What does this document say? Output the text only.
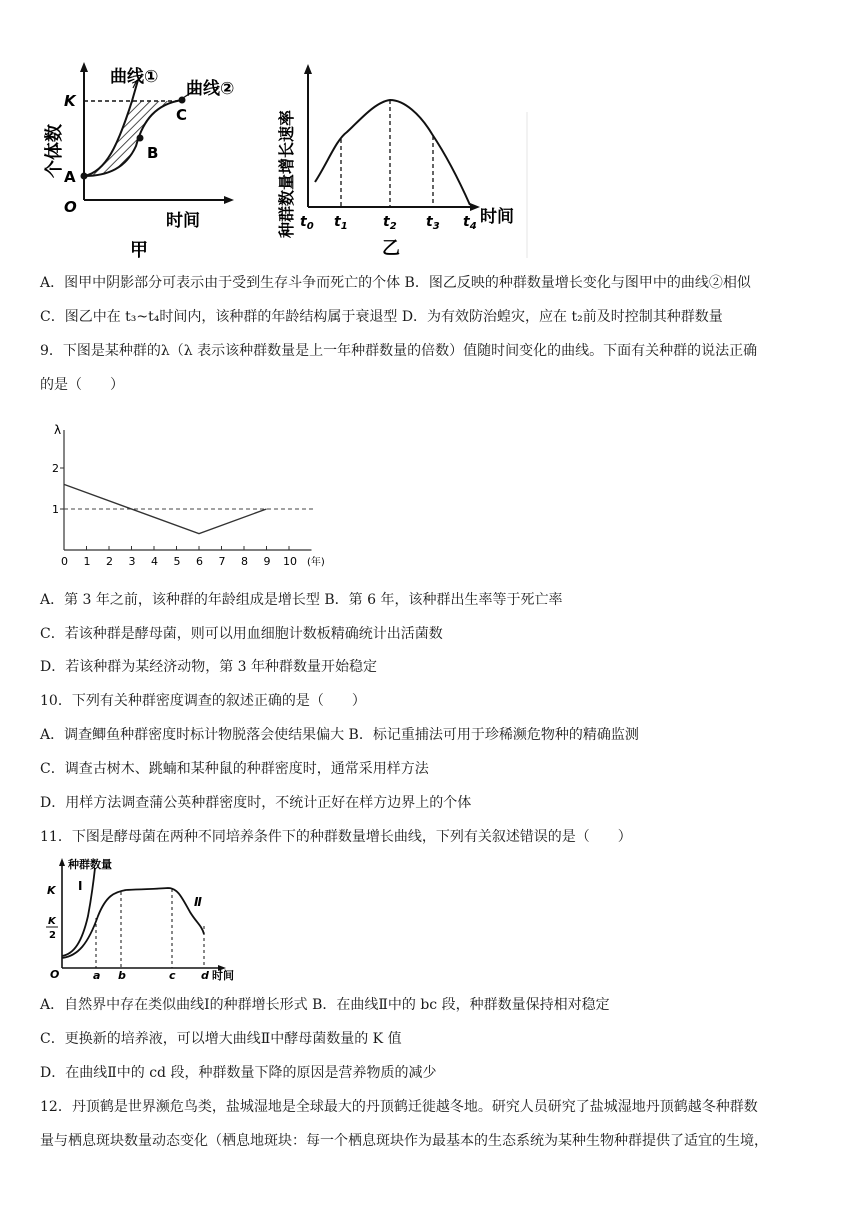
曲线①
曲线②
K
A
B
C
O
个体数
时间
甲
$t_0$ $t_1$	$t_2$ $t_3$ $t_4$ 时间
种群数量增长速率
乙
A．图甲中阴影部分可表示由于受到生存斗争而死亡的个体 B．图乙反映的种群数量增长变化与图甲中的曲线②相似
C．图乙中在 t₃~t₄时间内，该种群的年龄结构属于衰退型 D．为有效防治蝗灾，应在 t₂前及时控制其种群数量
9．下图是某种群的λ（λ 表示该种群数量是上一年种群数量的倍数）值随时间变化的曲线。下面有关种群的说法正确
的是（　　）
λ
1
2
0 1 2 3 4 5 6 7 8 9 10 (年)
A．第 3 年之前，该种群的年龄组成是增长型 B．第 6 年，该种群出生率等于死亡率
C．若该种群是酵母菌，则可以用血细胞计数板精确统计出活菌数
D．若该种群为某经济动物，第 3 年种群数量开始稳定
10．下列有关种群密度调查的叙述正确的是（　　）
A．调查鲫鱼种群密度时标计物脱落会使结果偏大 B．标记重捕法可用于珍稀濒危物种的精确监测
C．调查古树木、跳蝻和某种鼠的种群密度时，通常采用样方法
D．用样方法调查蒲公英种群密度时，不统计正好在样方边界上的个体
11．下图是酵母菌在两种不同培养条件下的种群数量增长曲线，下列有关叙述错误的是（　　）
种群数量
K
K
2
O
Ⅰ
Ⅱ
a b	c d 时间
A．自然界中存在类似曲线Ⅰ的种群增长形式 B．在曲线Ⅱ中的 bc 段，种群数量保持相对稳定
C．更换新的培养液，可以增大曲线Ⅱ中酵母菌数量的 K 值
D．在曲线Ⅱ中的 cd 段，种群数量下降的原因是营养物质的减少
12．丹顶鹤是世界濒危鸟类，盐城湿地是全球最大的丹顶鹤迁徙越冬地。研究人员研究了盐城湿地丹顶鹤越冬种群数
量与栖息斑块数量动态变化（栖息地斑块：每一个栖息斑块作为最基本的生态系统为某种生物种群提供了适宜的生境，
